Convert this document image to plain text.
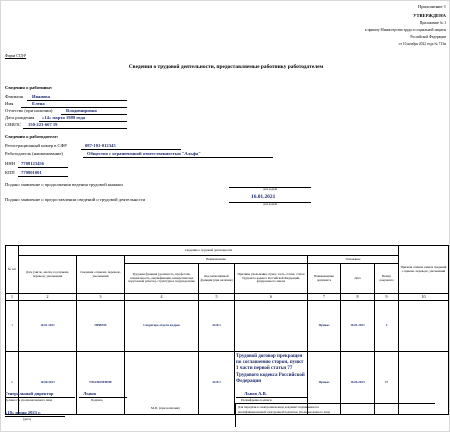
Приложение 1
УТВЕРЖДЕНА
Приложение № 1
к приказу Министерства труда и социальной защиты
Российской Федерации
от 10 ноября 2022 года № 713н
Форма СТД-Р
Сведения о трудовой деятельности, предоставляемые работнику работодателем
Сведения о работнике:
Фамилия Иванова
Имя	Елена
Отчество (при наличии)	Владимировна
Дата рождения «14» марта 1989 года
СНИЛС 150-223-667 19
Сведения о работодателе:
Регистрационный номер в СФР	087-101-012345
Работодатель (наименование)	Общество с ограниченной ответственностью "Альфа"
ИНН 7708123456
КПП 770801001
Подано заявление о продолжении ведения трудовой книжки
дата подачи
Подано заявление о предоставлении сведений о трудовой деятельности	16.01.2021
дата подачи
№ п/п	Сведения о трудовой деятельности								Признак отмены записи сведений о приеме, переводе, увольнении
	Дата (число, месяц, год приема, перевода, увольнения	Сведения о приеме, переводе, увольнении	Наименование			Основание			
			Трудовая функция (должность, профессия, специальность, квалификация, конкретная вид поручаемой работы), структурное подразделение	Код выполняемой функции (при наличии)	Причины увольнения, пункт, часть статьи, статья Трудового кодекса Российской Федерации, федерального закона	Наименование документа	Дата	Номер документа	
1	2	3	4	5	6	7	8	9	10
1	16.01.2021	ПРИЕМ	Секретарь отдела кадров	4120.1		Приказ	16.01.2021	2	
2	10.06.2023	УВОЛЬНЕНИЕ		4120.1	Трудовой договор прекращен по соглашению сторон, пункт 1 части первой статьи 77 Трудового кодекса Российской Федерации	Приказ	10.06.2023	27	
Генеральный директор
Должность уполномоченного лица
Львов
Подпись
Львов А.В.
Расшифровка подписи
М.П. (при наличии)
«10» июня 2023 г.
(дата)
Для передачи в электронном виде документ подписывается
квалифицированной электронной подписью уполномоченного лица
